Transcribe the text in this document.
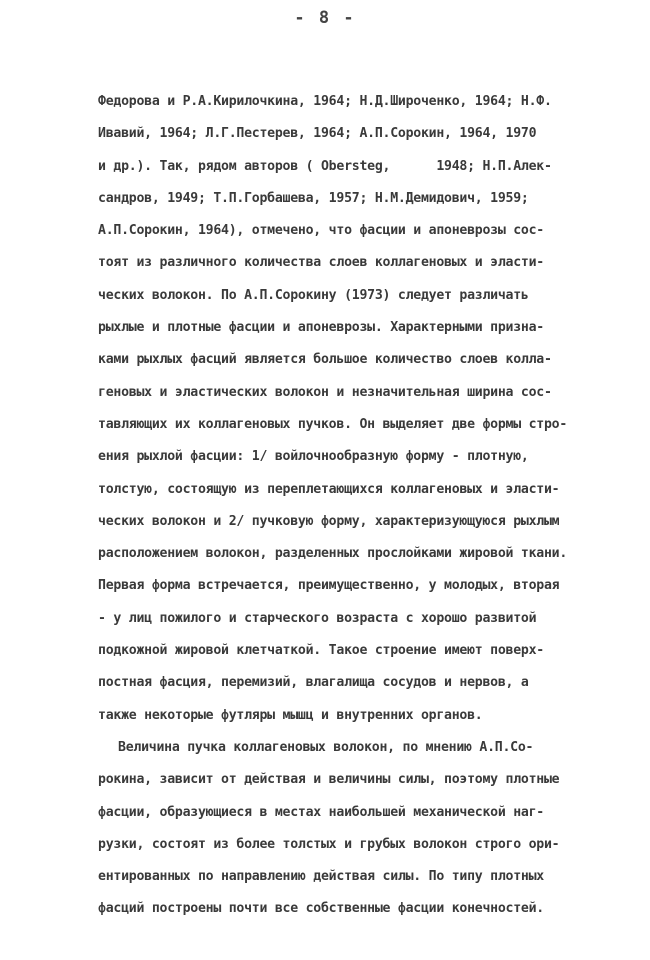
- 8 -
Федорова и Р.А.Кирилочкина, 1964; Н.Д.Широченко, 1964; Н.Ф.
Ивавий, 1964; Л.Г.Пестерев, 1964; А.П.Сорокин, 1964, 1970
и др.). Так, рядом авторов ( Obersteg,      1948; Н.П.Алек-
сандров, 1949; Т.П.Горбашева, 1957; Н.М.Демидович, 1959;
А.П.Сорокин, 1964), отмечено, что фасции и апоневрозы сос-
тоят из различного количества слоев коллагеновых и эласти-
ческих волокон. По А.П.Сорокину (1973) следует различать
рыхлые и плотные фасции и апоневрозы. Характерными призна-
ками рыхлых фасций является большое количество слоев колла-
геновых и эластических волокон и незначительная ширина сос-
тавляющих их коллагеновых пучков. Он выделяет две формы стро-
ения рыхлой фасции: 1/ войлочнообразную форму - плотную,
толстую, состоящую из переплетающихся коллагеновых и эласти-
ческих волокон и 2/ пучковую форму, характеризующуюся рыхлым
расположением волокон, разделенных прослойками жировой ткани.
Первая форма встречается, преимущественно, у молодых, вторая
- у лиц пожилого и старческого возраста с хорошо развитой
подкожной жировой клетчаткой. Такое строение имеют поверх-
постная фасция, перемизий, влагалища сосудов и нервов, а
также некоторые футляры мышц и внутренних органов.
Величина пучка коллагеновых волокон, по мнению А.П.Со-
рокина, зависит от действая и величины силы, поэтому плотные
фасции, образующиеся в местах наибольшей механической наг-
рузки, состоят из более толстых и грубых волокон строго ори-
ентированных по направлению действая силы. По типу плотных
фасций построены почти все собственные фасции конечностей.
